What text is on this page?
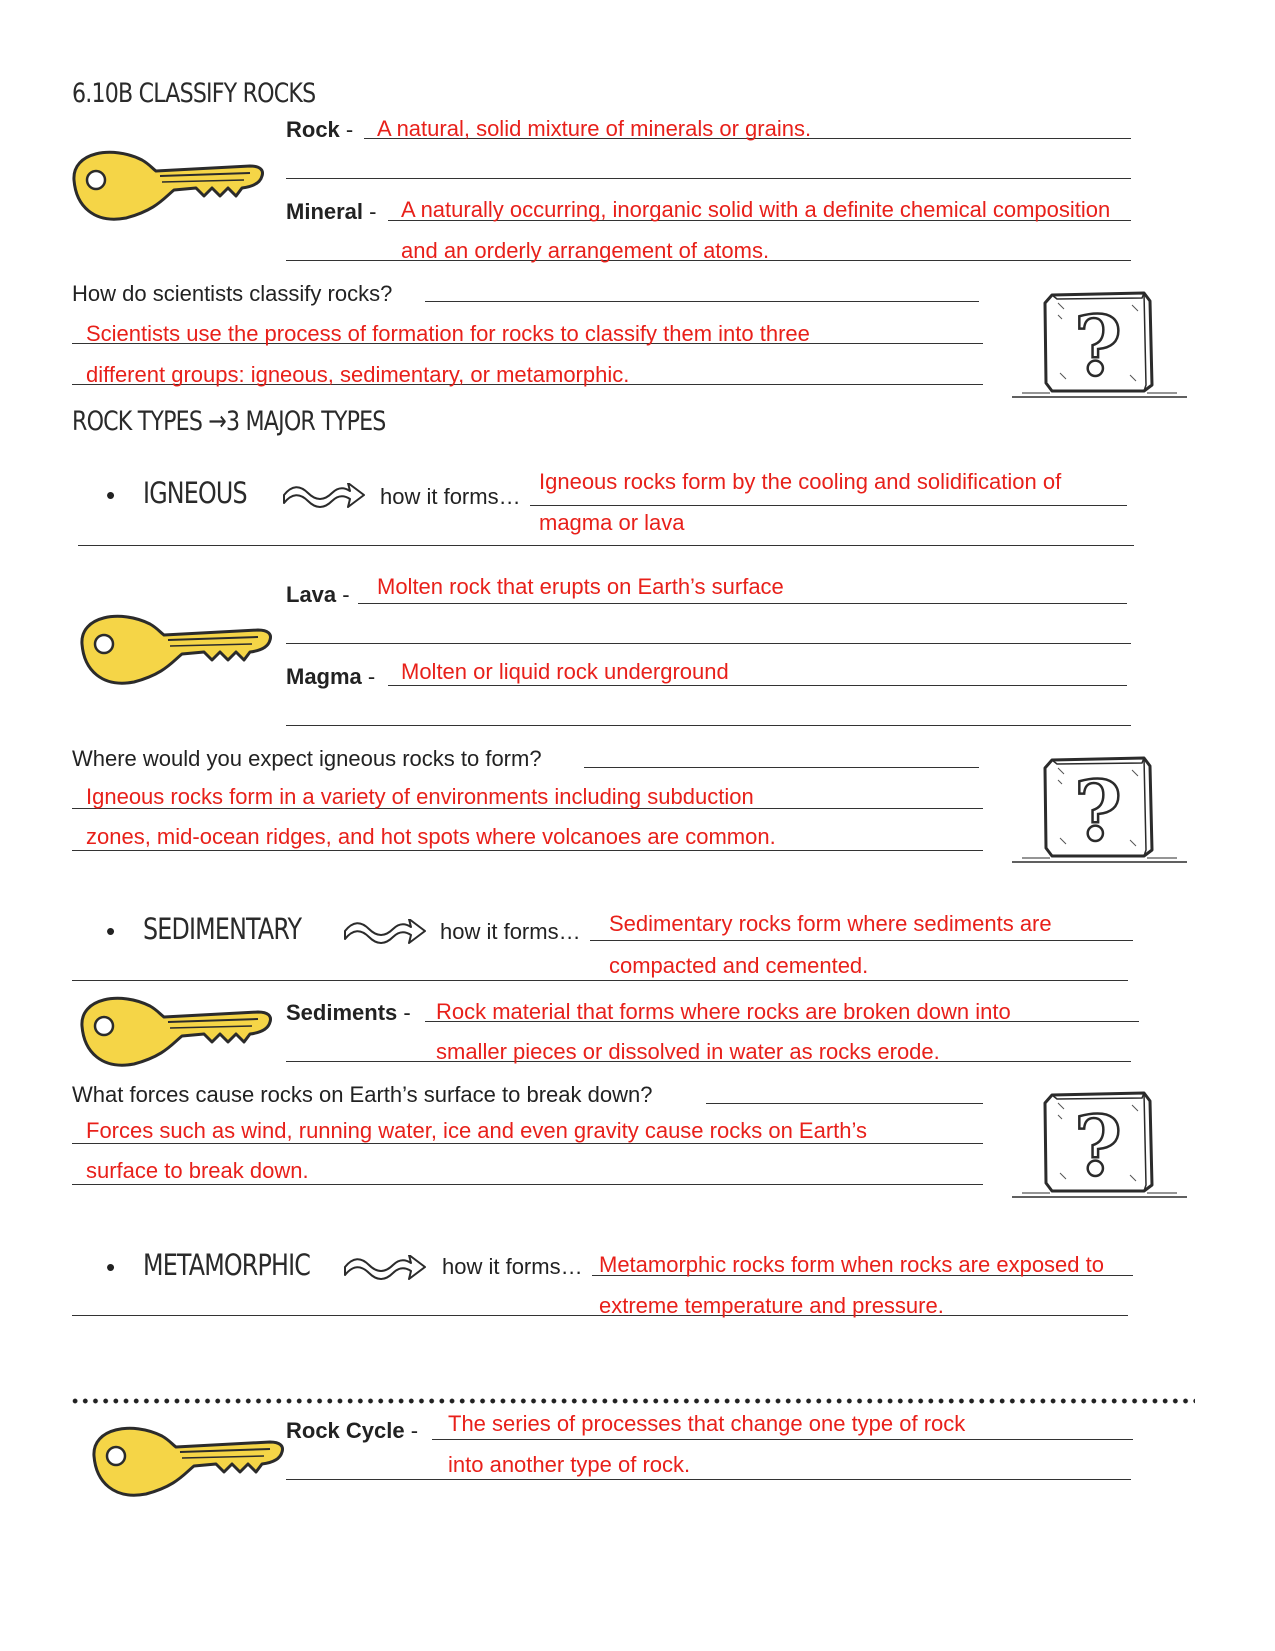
6.10B CLASSIFY ROCKS
Rock - A natural, solid mixture of minerals or grains.
Mineral - A naturally occurring, inorganic solid with a definite chemical composition
and an orderly arrangement of atoms.
How do scientists classify rocks?
Scientists use the process of formation for rocks to classify them into three
different groups: igneous, sedimentary, or metamorphic.	?
ROCK TYPES →3 MAJOR TYPES
• IGNEOUS	how it forms…
Igneous rocks form by the cooling and solidification of
magma or lava
Lava - Molten rock that erupts on Earth’s surface
Magma - Molten or liquid rock underground
Where would you expect igneous rocks to form?
Igneous rocks form in a variety of environments including subduction
zones, mid-ocean ridges, and hot spots where volcanoes are common.	?
• SEDIMENTARY	how it forms… Sedimentary rocks form where sediments are
compacted and cemented.
Sediments - Rock material that forms where rocks are broken down into
smaller pieces or dissolved in water as rocks erode.
What forces cause rocks on Earth’s surface to break down?
Forces such as wind, running water, ice and even gravity cause rocks on Earth’s
surface to break down.	?
• METAMORPHIC	how it forms… Metamorphic rocks form when rocks are exposed to
extreme temperature and pressure.
Rock Cycle - The series of processes that change one type of rock
into another type of rock.
